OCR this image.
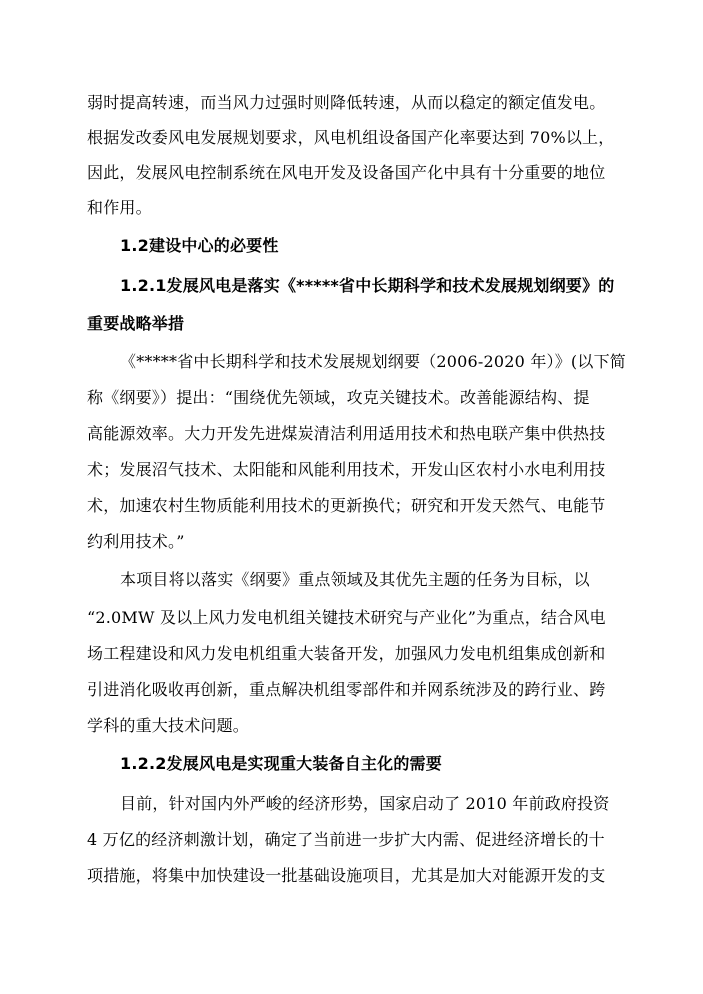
弱时提高转速，而当风力过强时则降低转速，从而以稳定的额定值发电。
根据发改委风电发展规划要求，风电机组设备国产化率要达到 70%以上，
因此，发展风电控制系统在风电开发及设备国产化中具有十分重要的地位
和作用。
1.2建设中心的必要性
1.2.1发展风电是落实《*****省中长期科学和技术发展规划纲要》的
重要战略举措
《*****省中长期科学和技术发展规划纲要（2006-2020 年）》(以下简
称《纲要》）提出：“围绕优先领域，攻克关键技术。改善能源结构、提
高能源效率。大力开发先进煤炭清洁利用适用技术和热电联产集中供热技
术；发展沼气技术、太阳能和风能利用技术，开发山区农村小水电利用技
术，加速农村生物质能利用技术的更新换代；研究和开发天然气、电能节
约利用技术。”
本项目将以落实《纲要》重点领域及其优先主题的任务为目标，以
“2.0MW 及以上风力发电机组关键技术研究与产业化”为重点，结合风电
场工程建设和风力发电机组重大装备开发，加强风力发电机组集成创新和
引进消化吸收再创新，重点解决机组零部件和并网系统涉及的跨行业、跨
学科的重大技术问题。
1.2.2发展风电是实现重大装备自主化的需要
目前，针对国内外严峻的经济形势，国家启动了 2010 年前政府投资
4 万亿的经济刺激计划，确定了当前进一步扩大内需、促进经济增长的十
项措施，将集中加快建设一批基础设施项目，尤其是加大对能源开发的支
